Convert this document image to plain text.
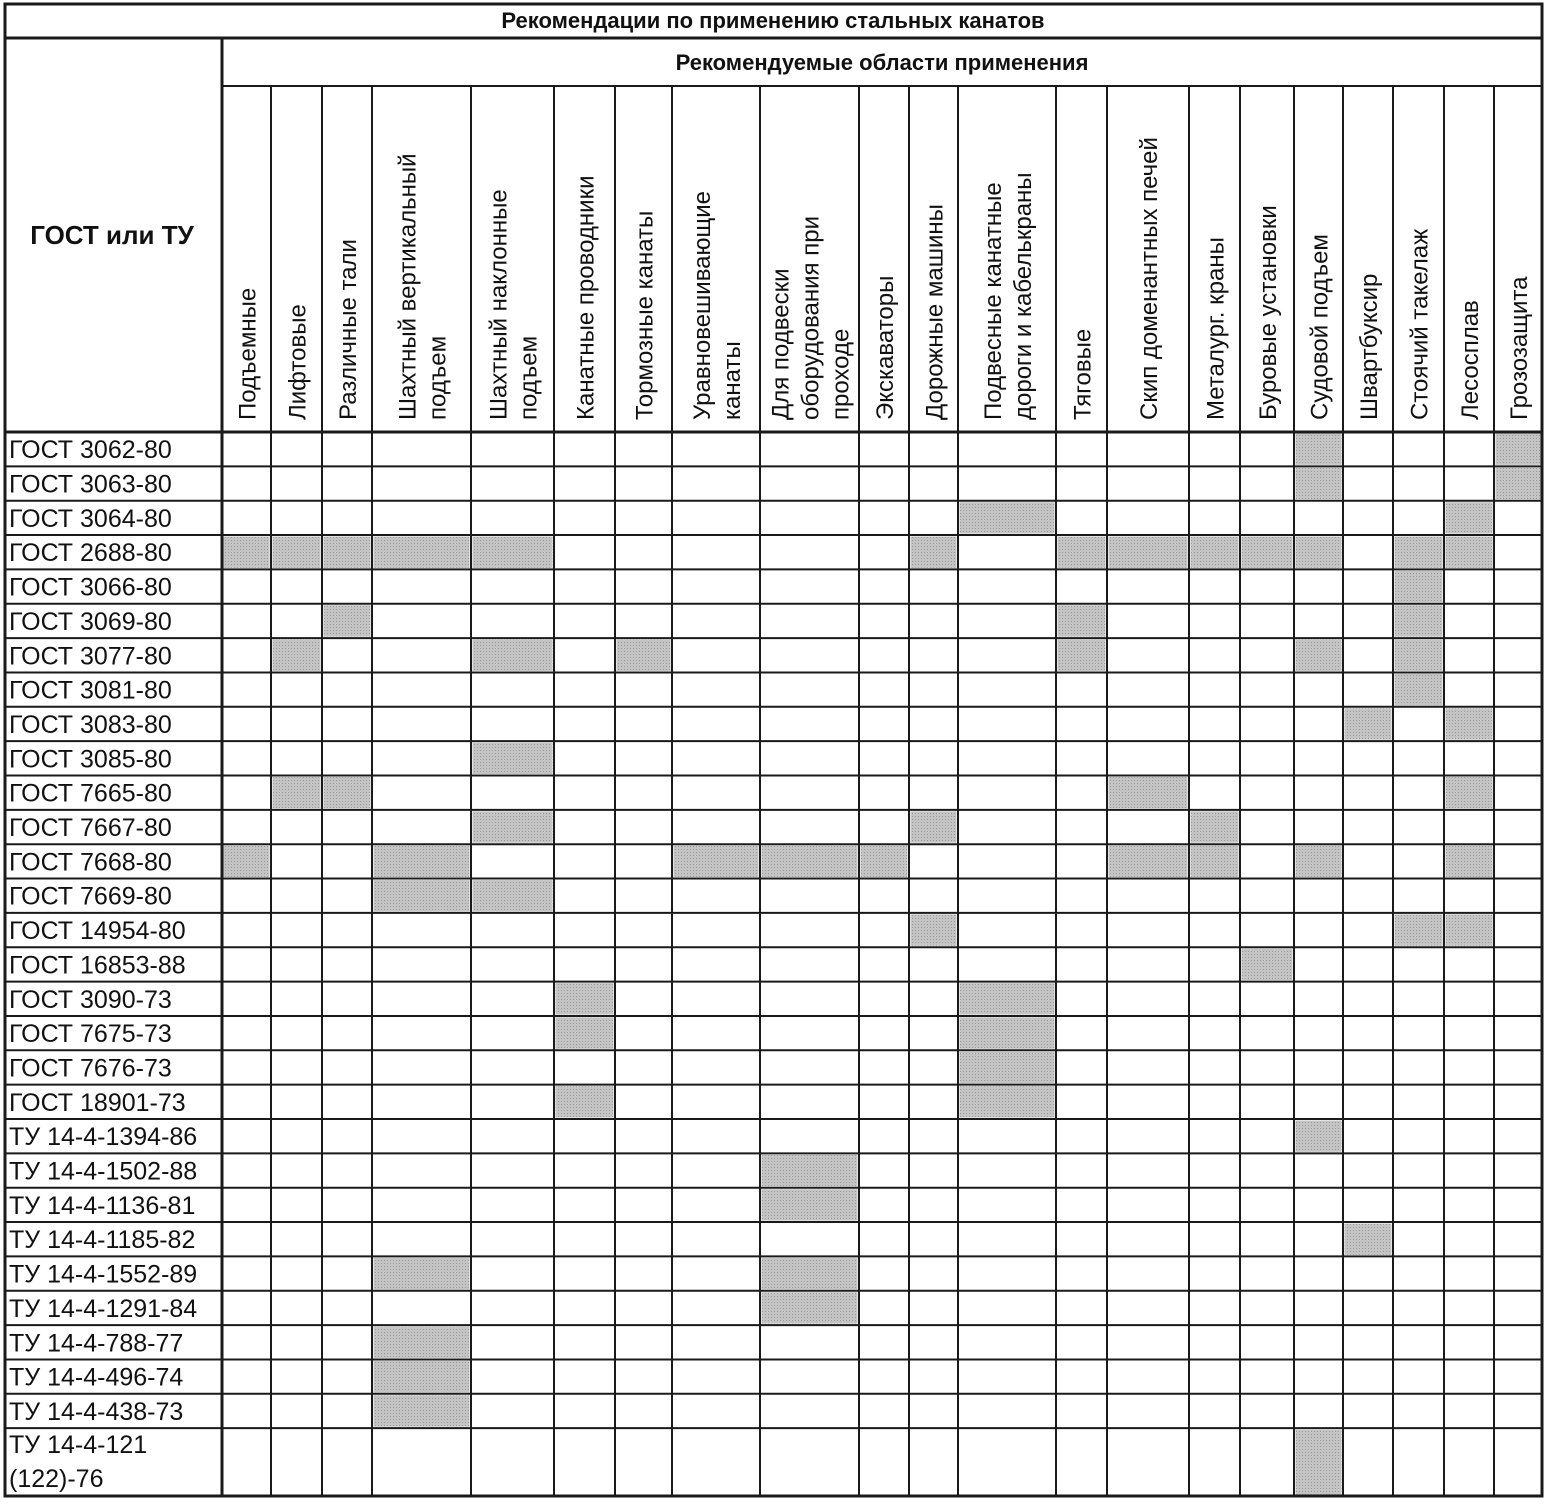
Рекомендации по применению стальных канатов
Рекомендуемые области применения
ГОСТ или ТУ
Подъемные Лифтовые Различные тали Шахтный вертикальный подъем Шахтный наклонные подъем Канатные проводники Тормозные канаты Уравновешивающие канаты Для подвески оборудования при проходе Экскаваторы Дорожные машины Подвесные канатные дороги и кабелькраны Тяговые Скип доменантных печей Металург. краны Буровые установки Судовой подъем Швартбуксир Стоячий такелаж Лесосплав Грозозащита
ГОСТ 3062-80
ГОСТ 3063-80
ГОСТ 3064-80
ГОСТ 2688-80
ГОСТ 3066-80
ГОСТ 3069-80
ГОСТ 3077-80
ГОСТ 3081-80
ГОСТ 3083-80
ГОСТ 3085-80
ГОСТ 7665-80
ГОСТ 7667-80
ГОСТ 7668-80
ГОСТ 7669-80
ГОСТ 14954-80
ГОСТ 16853-88
ГОСТ 3090-73
ГОСТ 7675-73
ГОСТ 7676-73
ГОСТ 18901-73
ТУ 14-4-1394-86
ТУ 14-4-1502-88
ТУ 14-4-1136-81
ТУ 14-4-1185-82
ТУ 14-4-1552-89
ТУ 14-4-1291-84
ТУ 14-4-788-77
ТУ 14-4-496-74
ТУ 14-4-438-73
ТУ 14-4-121
(122)-76
